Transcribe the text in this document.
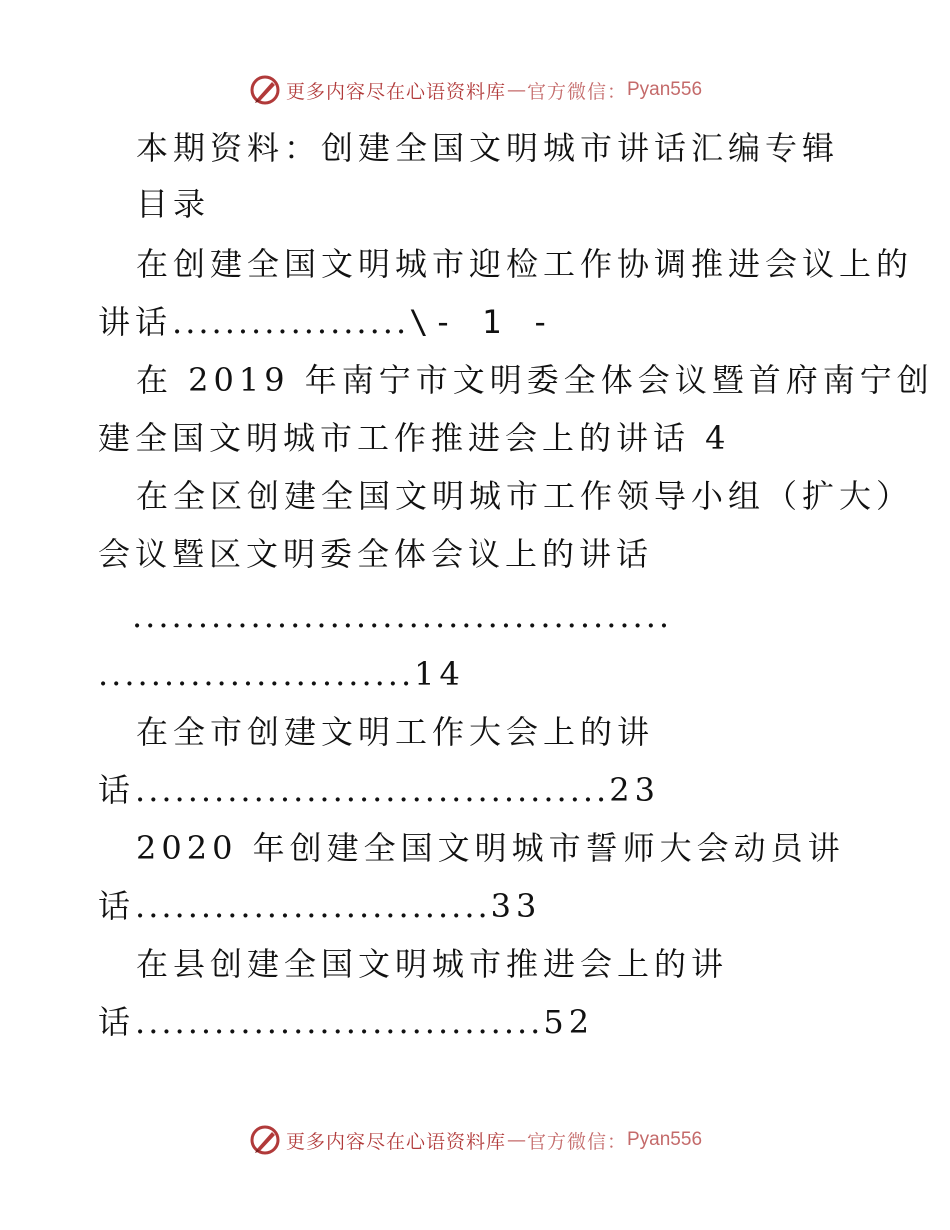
更多内容尽在心语资料库 — 官方微信： Pyan556
本期资料：创建全国文明城市讲话汇编专辑
目录
在创建全国文明城市迎检工作协调推进会议上的
讲话..................\- 1 -
在 2019 年南宁市文明委全体会议暨首府南宁创
建全国文明城市工作推进会上的讲话 4
在全区创建全国文明城市工作领导小组（扩大）
会议暨区文明委全体会议上的讲话
.........................................
........................14
在全市创建文明工作大会上的讲
话....................................23
2020 年创建全国文明城市誓师大会动员讲
话...........................33
在县创建全国文明城市推进会上的讲
话...............................52
更多内容尽在心语资料库 — 官方微信： Pyan556
